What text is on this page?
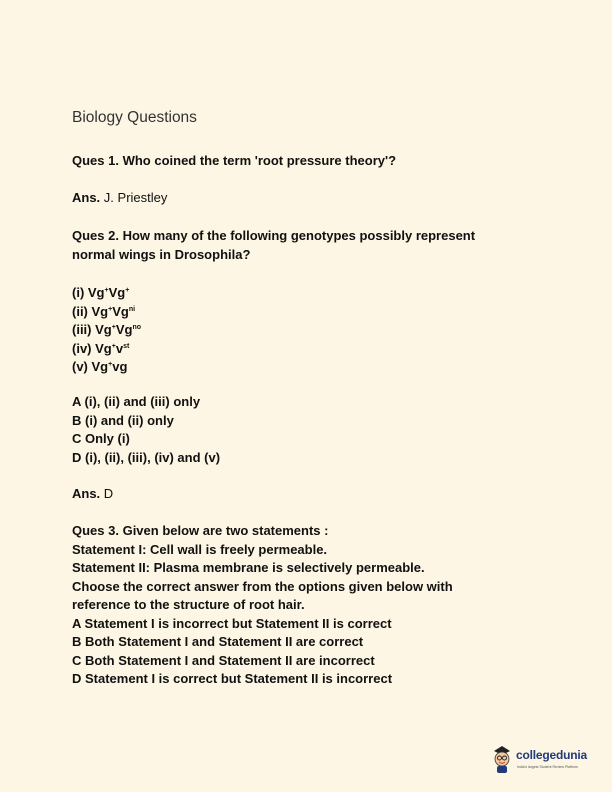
Biology Questions
Ques 1. Who coined the term 'root pressure theory'?
Ans. J. Priestley
Ques 2. How many of the following genotypes possibly represent
normal wings in Drosophila?
(i) Vg+Vg+
(ii) $Vg^+Vg^{ni}$
(iii) $Vg^+Vg^{no}$
(iv) $Vg^+v^{st}$
(v) Vg+vg
A (i), (ii) and (iii) only
B (i) and (ii) only
C Only (i)
D (i), (ii), (iii), (iv) and (v)
Ans. D
Ques 3. Given below are two statements :
Statement I: Cell wall is freely permeable.
Statement II: Plasma membrane is selectively permeable.
Choose the correct answer from the options given below with
reference to the structure of root hair.
A Statement I is incorrect but Statement II is correct
B Both Statement I and Statement II are correct
C Both Statement I and Statement II are incorrect
D Statement I is correct but Statement II is incorrect
collegedunia
India's largest Student Review Platform
